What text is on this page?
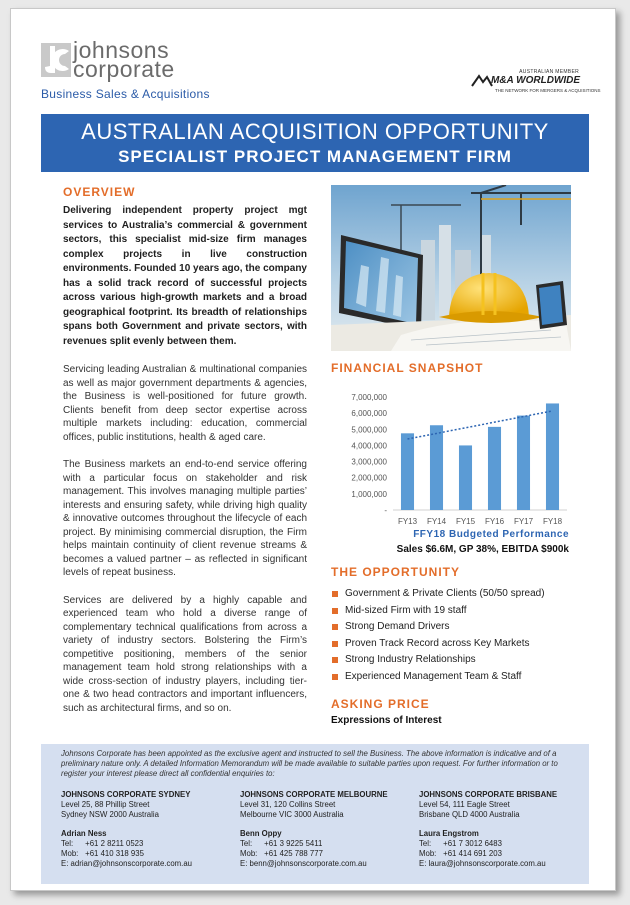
johnsons
corporate
Business Sales & Acquisitions
AUSTRALIAN MEMBER
M&A WORLDWIDE
THE NETWORK FOR MERGERS & ACQUISITIONS
AUSTRALIAN ACQUISITION OPPORTUNITY
SPECIALIST PROJECT MANAGEMENT FIRM
OVERVIEW

Delivering independent property project mgt services to Australia’s commercial & government sectors, this specialist mid-size firm manages complex projects in live construction environments. Founded 10 years ago, the company has a solid track record of successful projects across various high-growth markets and a broad geographical footprint. Its breadth of relationships spans both Government and private sectors, with revenues split evenly between them.

Servicing leading Australian & multinational companies as well as major government departments & agencies, the Business is well-positioned for future growth. Clients benefit from deep sector expertise across multiple markets including: education, commercial offices, public institutions, health & aged care.

The Business markets an end-to-end service offering with a particular focus on stakeholder and risk management. This involves managing multiple parties’ interests and ensuring safety, while driving high quality & innovative outcomes throughout the lifecycle of each project. By minimising commercial disruption, the Firm helps maintain continuity of client revenue streams & becomes a valued partner – as reflected in significant levels of repeat business.

Services are delivered by a highly capable and experienced team who hold a diverse range of complementary technical qualifications from across a variety of industry sectors. Bolstering the Firm’s competitive positioning, members of the senior management team hold strong relationships with a wide cross-section of industry players, including tier-one & two head contractors and important influencers, such as architectural firms, and so on.

FINANCIAL SNAPSHOT
7,000,000
6,000,000
5,000,000
4,000,000
3,000,000
2,000,000
1,000,000
-
FY13 FY14 FY15 FY16 FY17 FY18
FFY18 Budgeted Performance
Sales $6.6M, GP 38%, EBITDA $900k
THE OPPORTUNITY
Government & Private Clients (50/50 spread)
Mid-sized Firm with 19 staff
Strong Demand Drivers
Proven Track Record across Key Markets
Strong Industry Relationships
Experienced Management Team & Staff
ASKING PRICE
Expressions of Interest
Johnsons Corporate has been appointed as the exclusive agent and instructed to sell the Business. The above information is indicative and of a preliminary nature only. A detailed Information Memorandum will be made available to suitable parties upon request. For further information or to register your interest please direct all confidential enquiries to:
JOHNSONS CORPORATE SYDNEY
Level 25, 88 Phillip Street
Sydney NSW 2000 Australia
Adrian Ness
Tel: +61 2 8211 0523
Mob: +61 410 318 935
E: adrian@johnsonscorporate.com.au
JOHNSONS CORPORATE MELBOURNE
Level 31, 120 Collins Street
Melbourne VIC 3000 Australia
Benn Oppy
Tel: +61 3 9225 5411
Mob: +61 425 788 777
E: benn@johnsonscorporate.com.au
JOHNSONS CORPORATE BRISBANE
Level 54, 111 Eagle Street
Brisbane QLD 4000 Australia
Laura Engstrom
Tel: +61 7 3012 6483
Mob: +61 414 691 203
E: laura@johnsonscorporate.com.au
